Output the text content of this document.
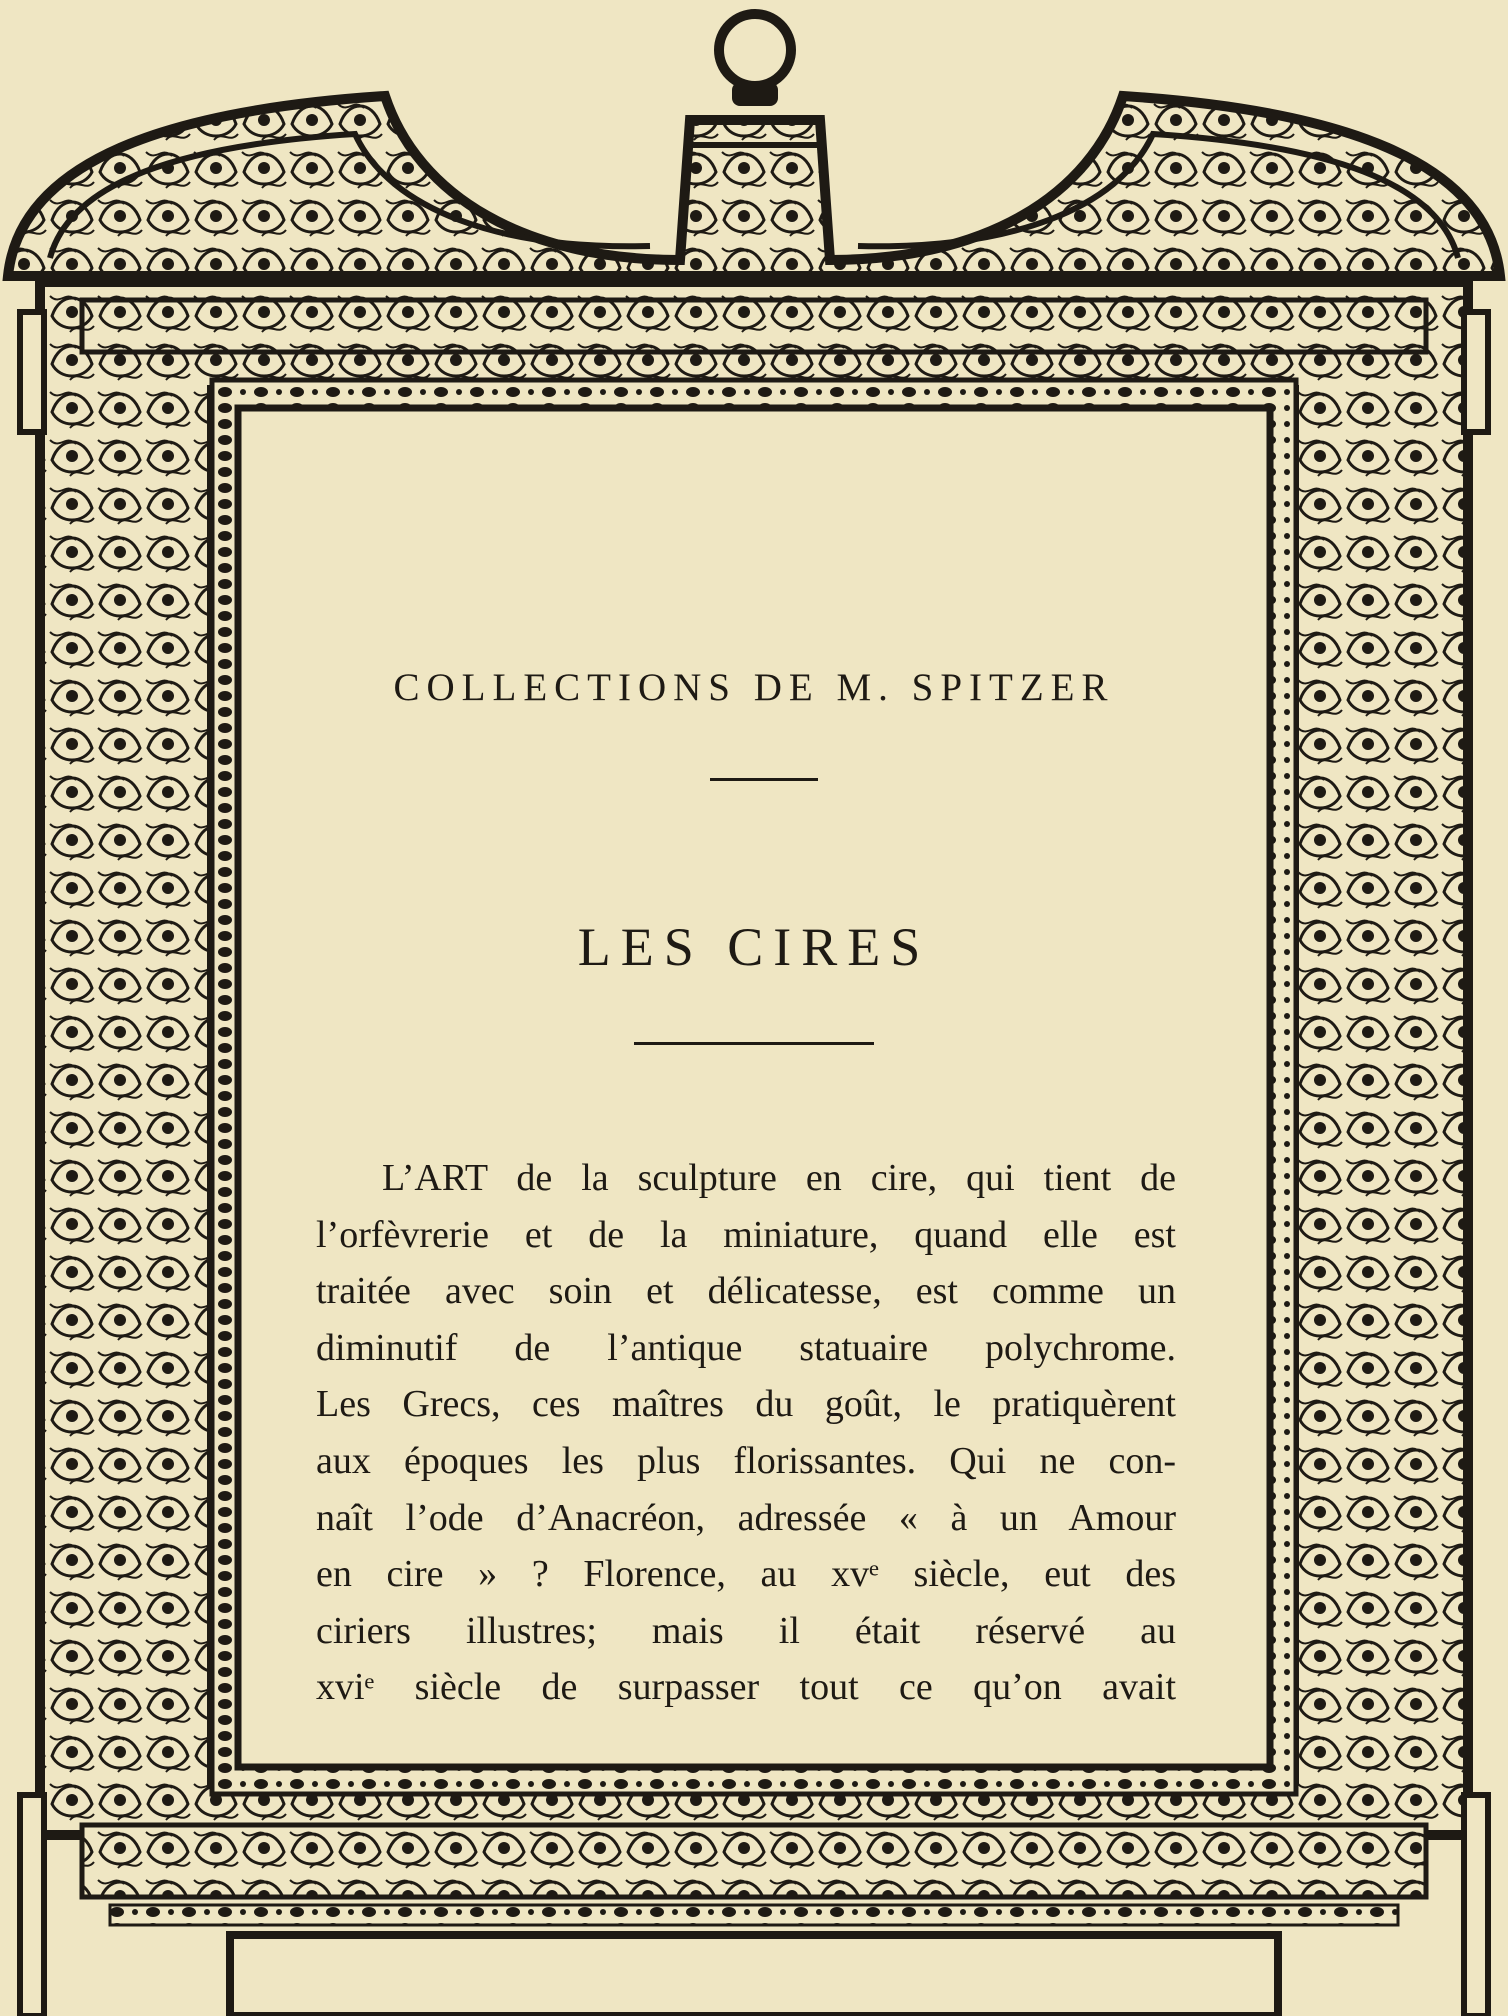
COLLECTIONS DE M. SPITZER
LES CIRES
L’ART de la sculpture en cire, qui tient de
l’orfèvrerie et de la miniature, quand elle est
traitée avec soin et délicatesse, est comme un
diminutif de l’antique statuaire polychrome.
Les Grecs, ces maîtres du goût, le pratiquèrent
aux époques les plus florissantes. Qui ne con-
naît l’ode d’Anacréon, adressée « à un Amour
en cire » ? Florence, au xvᵉ siècle, eut des
ciriers illustres; mais il était réservé au
xviᵉ siècle de surpasser tout ce qu’on avait
